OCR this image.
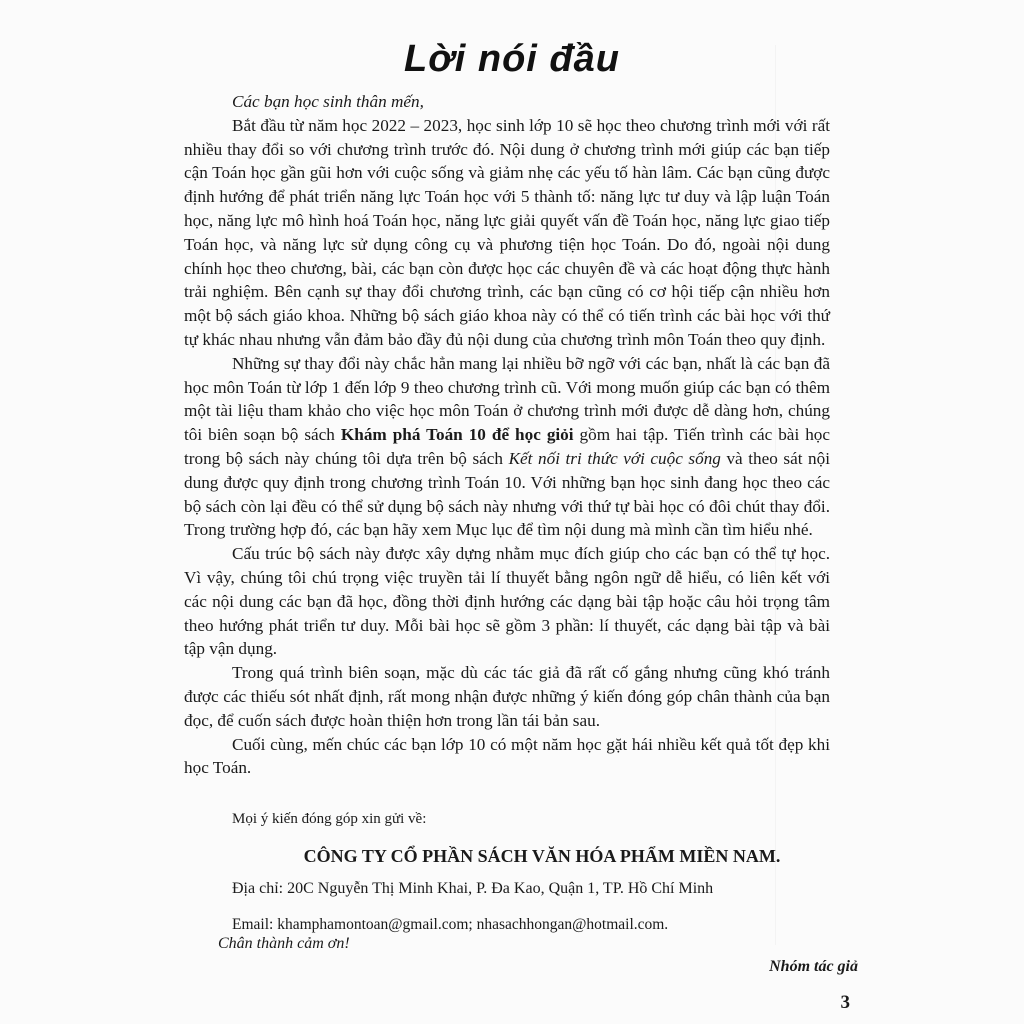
Lời nói đầu

Các bạn học sinh thân mến,

Bắt đầu từ năm học 2022 – 2023, học sinh lớp 10 sẽ học theo chương trình mới với rất nhiều thay đổi so với chương trình trước đó. Nội dung ở chương trình mới giúp các bạn tiếp cận Toán học gần gũi hơn với cuộc sống và giảm nhẹ các yếu tố hàn lâm. Các bạn cũng được định hướng để phát triển năng lực Toán học với 5 thành tố: năng lực tư duy và lập luận Toán học, năng lực mô hình hoá Toán học, năng lực giải quyết vấn đề Toán học, năng lực giao tiếp Toán học, và năng lực sử dụng công cụ và phương tiện học Toán. Do đó, ngoài nội dung chính học theo chương, bài, các bạn còn được học các chuyên đề và các hoạt động thực hành trải nghiệm. Bên cạnh sự thay đổi chương trình, các bạn cũng có cơ hội tiếp cận nhiều hơn một bộ sách giáo khoa. Những bộ sách giáo khoa này có thể có tiến trình các bài học với thứ tự khác nhau nhưng vẫn đảm bảo đầy đủ nội dung của chương trình môn Toán theo quy định.

Những sự thay đổi này chắc hẳn mang lại nhiều bỡ ngỡ với các bạn, nhất là các bạn đã học môn Toán từ lớp 1 đến lớp 9 theo chương trình cũ. Với mong muốn giúp các bạn có thêm một tài liệu tham khảo cho việc học môn Toán ở chương trình mới được dễ dàng hơn, chúng tôi biên soạn bộ sách Khám phá Toán 10 để học giỏi gồm hai tập. Tiến trình các bài học trong bộ sách này chúng tôi dựa trên bộ sách Kết nối tri thức với cuộc sống và theo sát nội dung được quy định trong chương trình Toán 10. Với những bạn học sinh đang học theo các bộ sách còn lại đều có thể sử dụng bộ sách này nhưng với thứ tự bài học có đôi chút thay đổi. Trong trường hợp đó, các bạn hãy xem Mục lục để tìm nội dung mà mình cần tìm hiểu nhé.

Cấu trúc bộ sách này được xây dựng nhằm mục đích giúp cho các bạn có thể tự học. Vì vậy, chúng tôi chú trọng việc truyền tải lí thuyết bằng ngôn ngữ dễ hiểu, có liên kết với các nội dung các bạn đã học, đồng thời định hướng các dạng bài tập hoặc câu hỏi trọng tâm theo hướng phát triển tư duy. Mỗi bài học sẽ gồm 3 phần: lí thuyết, các dạng bài tập và bài tập vận dụng.

Trong quá trình biên soạn, mặc dù các tác giả đã rất cố gắng nhưng cũng khó tránh được các thiếu sót nhất định, rất mong nhận được những ý kiến đóng góp chân thành của bạn đọc, để cuốn sách được hoàn thiện hơn trong lần tái bản sau.

Cuối cùng, mến chúc các bạn lớp 10 có một năm học gặt hái nhiều kết quả tốt đẹp khi học Toán.

Mọi ý kiến đóng góp xin gửi về:
CÔNG TY CỔ PHẦN SÁCH VĂN HÓA PHẨM MIỀN NAM.
Địa chỉ: 20C Nguyễn Thị Minh Khai, P. Đa Kao, Quận 1, TP. Hồ Chí Minh
Email: khamphamontoan@gmail.com; nhasachhongan@hotmail.com.
Chân thành cảm ơn!
Nhóm tác giả
3
